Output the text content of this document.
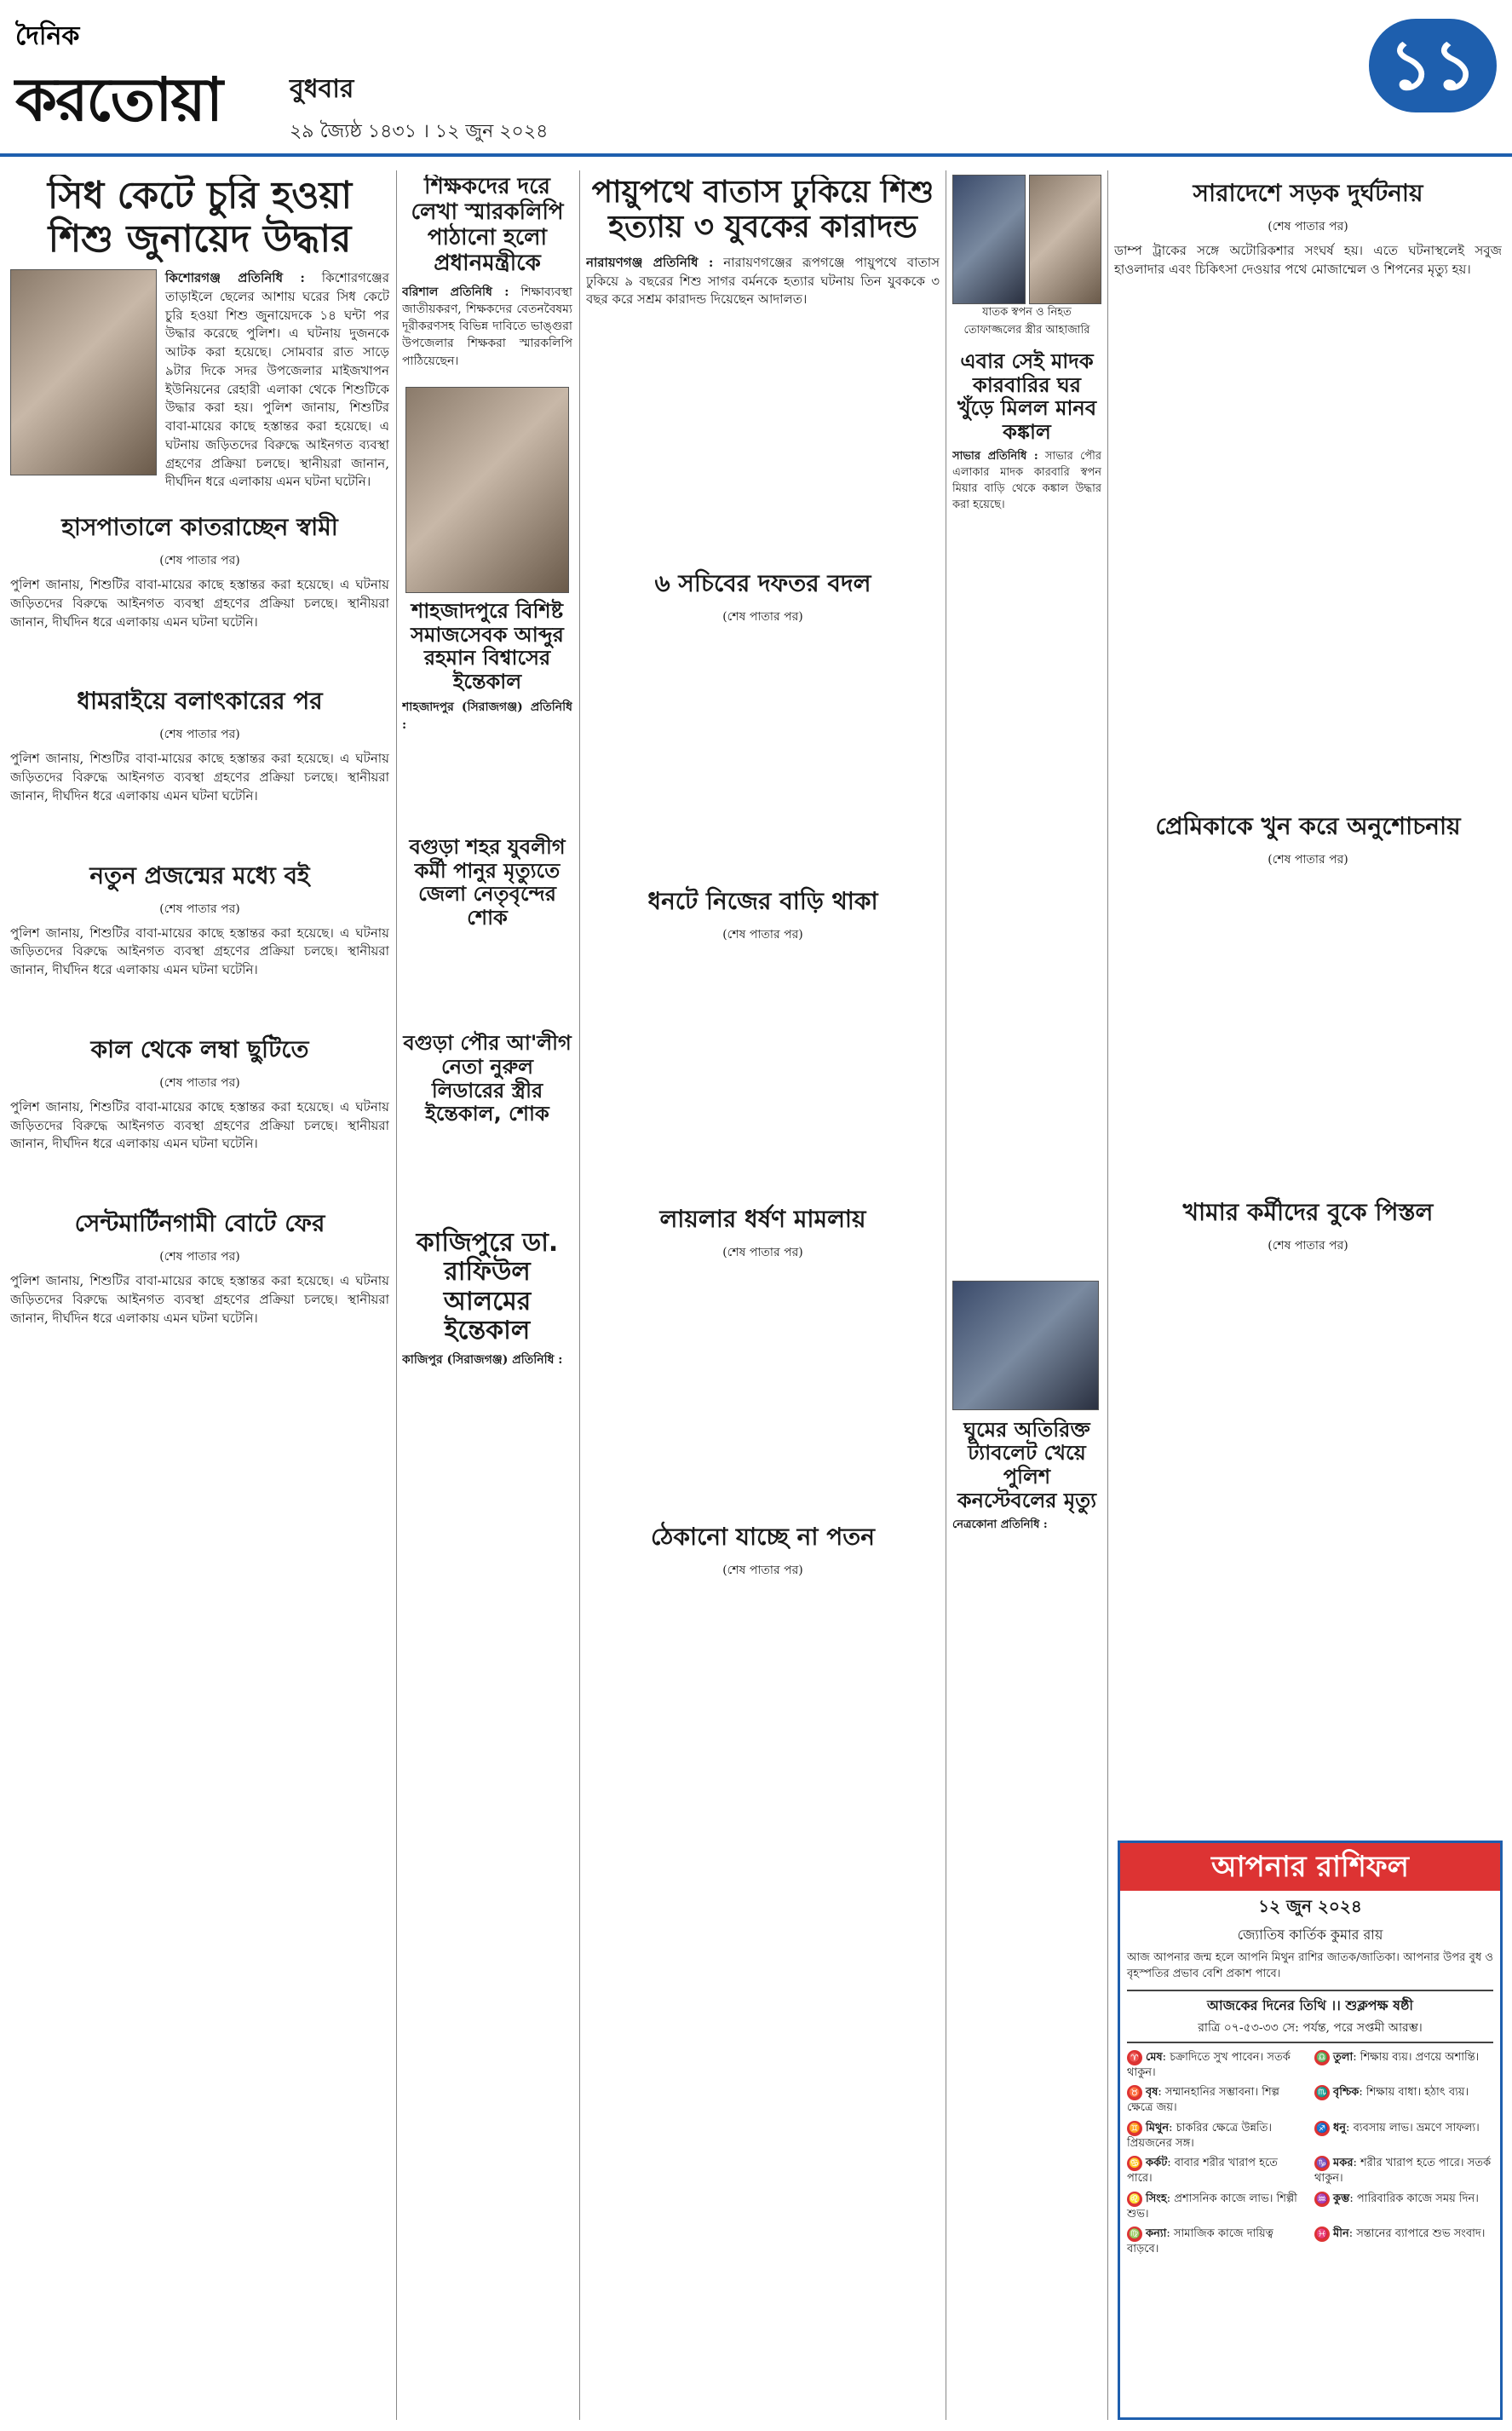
দৈনিক
করতোয়া	বুধবার
২৯ জ্যৈষ্ঠ ১৪৩১ । ১২ জুন ২০২৪
১১
সিধ কেটে চুরি হওয়া শিশু জুনায়েদ উদ্ধার
কিশোরগঞ্জ প্রতিনিধি : কিশোরগঞ্জের তাড়াইলে ছেলের আশায় ঘরের সিধ কেটে চুরি হওয়া শিশু জুনায়েদকে ১৪ ঘন্টা পর উদ্ধার করেছে পুলিশ। এ ঘটনায় দুজনকে আটক করা হয়েছে। সোমবার রাত সাড়ে ৯টার দিকে সদর উপজেলার মাইজখাপন ইউনিয়নের রেহারী এলাকা থেকে শিশুটিকে উদ্ধার করা হয়। পুলিশ জানায়, শিশুটির বাবা-মায়ের কাছে হস্তান্তর করা হয়েছে। এ ঘটনায় জড়িতদের বিরুদ্ধে আইনগত ব্যবস্থা গ্রহণের প্রক্রিয়া চলছে। স্থানীয়রা জানান, দীর্ঘদিন ধরে এলাকায় এমন ঘটনা ঘটেনি।
হাসপাতালে কাতরাচ্ছেন স্বামী
(শেষ পাতার পর)
পুলিশ জানায়, শিশুটির বাবা-মায়ের কাছে হস্তান্তর করা হয়েছে। এ ঘটনায় জড়িতদের বিরুদ্ধে আইনগত ব্যবস্থা গ্রহণের প্রক্রিয়া চলছে। স্থানীয়রা জানান, দীর্ঘদিন ধরে এলাকায় এমন ঘটনা ঘটেনি।
ধামরাইয়ে বলাৎকারের পর
(শেষ পাতার পর)
পুলিশ জানায়, শিশুটির বাবা-মায়ের কাছে হস্তান্তর করা হয়েছে। এ ঘটনায় জড়িতদের বিরুদ্ধে আইনগত ব্যবস্থা গ্রহণের প্রক্রিয়া চলছে। স্থানীয়রা জানান, দীর্ঘদিন ধরে এলাকায় এমন ঘটনা ঘটেনি।
নতুন প্রজন্মের মধ্যে বই
(শেষ পাতার পর)
পুলিশ জানায়, শিশুটির বাবা-মায়ের কাছে হস্তান্তর করা হয়েছে। এ ঘটনায় জড়িতদের বিরুদ্ধে আইনগত ব্যবস্থা গ্রহণের প্রক্রিয়া চলছে। স্থানীয়রা জানান, দীর্ঘদিন ধরে এলাকায় এমন ঘটনা ঘটেনি।
কাল থেকে লম্বা ছুটিতে
(শেষ পাতার পর)
পুলিশ জানায়, শিশুটির বাবা-মায়ের কাছে হস্তান্তর করা হয়েছে। এ ঘটনায় জড়িতদের বিরুদ্ধে আইনগত ব্যবস্থা গ্রহণের প্রক্রিয়া চলছে। স্থানীয়রা জানান, দীর্ঘদিন ধরে এলাকায় এমন ঘটনা ঘটেনি।
সেন্টমার্টিনগামী বোটে ফের
(শেষ পাতার পর)
পুলিশ জানায়, শিশুটির বাবা-মায়ের কাছে হস্তান্তর করা হয়েছে। এ ঘটনায় জড়িতদের বিরুদ্ধে আইনগত ব্যবস্থা গ্রহণের প্রক্রিয়া চলছে। স্থানীয়রা জানান, দীর্ঘদিন ধরে এলাকায় এমন ঘটনা ঘটেনি।
শিক্ষকদের দরে লেখা স্মারকলিপি পাঠানো হলো প্রধানমন্ত্রীকে
বরিশাল প্রতিনিধি : শিক্ষাব্যবস্থা জাতীয়করণ, শিক্ষকদের বেতনবৈষম্য দূরীকরণসহ বিভিন্ন দাবিতে ভাঙ্গুরা উপজেলার শিক্ষকরা স্মারকলিপি পাঠিয়েছেন।
শাহজাদপুরে বিশিষ্ট সমাজসেবক আব্দুর রহমান বিশ্বাসের ইন্তেকাল
শাহজাদপুর (সিরাজগঞ্জ) প্রতিনিধি :
বগুড়া শহর যুবলীগ কর্মী পানুর মৃত্যুতে জেলা নেতৃবৃন্দের শোক
বগুড়া পৌর আ'লীগ নেতা নুরুল লিডারের স্ত্রীর ইন্তেকাল, শোক
কাজিপুরে ডা. রাফিউল আলমের ইন্তেকাল
কাজিপুর (সিরাজগঞ্জ) প্রতিনিধি :
পায়ুপথে বাতাস ঢুকিয়ে শিশু হত্যায় ৩ যুবকের কারাদন্ড
নারায়ণগঞ্জ প্রতিনিধি : নারায়ণগঞ্জের রূপগঞ্জে পায়ুপথে বাতাস ঢুকিয়ে ৯ বছরের শিশু সাগর বর্মনকে হত্যার ঘটনায় তিন যুবককে ৩ বছর করে সশ্রম কারাদন্ড দিয়েছেন আদালত।
৬ সচিবের দফতর বদল
(শেষ পাতার পর)
ধনটে নিজের বাড়ি থাকা
(শেষ পাতার পর)
লায়লার ধর্ষণ মামলায়
(শেষ পাতার পর)
ঠেকানো যাচ্ছে না পতন
(শেষ পাতার পর)
যাতক স্বপন ও নিহত তোফাজ্জলের স্ত্রীর আহাজারি
এবার সেই মাদক কারবারির ঘর খুঁড়ে মিলল মানব কঙ্কাল
সাভার প্রতিনিধি : সাভার পৌর এলাকার মাদক কারবারি স্বপন মিয়ার বাড়ি থেকে কঙ্কাল উদ্ধার করা হয়েছে।
ঘুমের অতিরিক্ত ট্যাবলেট খেয়ে পুলিশ কনস্টেবলের মৃত্যু
নেত্রকোনা প্রতিনিধি :
সারাদেশে সড়ক দুর্ঘটনায়
(শেষ পাতার পর)
ডাম্প ট্রাকের সঙ্গে অটোরিকশার সংঘর্ষ হয়। এতে ঘটনাস্থলেই সবুজ হাওলাদার এবং চিকিৎসা দেওয়ার পথে মোজাম্মেল ও শিপনের মৃত্যু হয়।
প্রেমিকাকে খুন করে অনুশোচনায়
(শেষ পাতার পর)
খামার কর্মীদের বুকে পিস্তল
(শেষ পাতার পর)
আপনার রাশিফল
১২ জুন ২০২৪
জ্যোতিষ কার্তিক কুমার রায়
আজ আপনার জন্ম হলে আপনি মিথুন রাশির জাতক/জাতিকা। আপনার উপর বুধ ও বৃহস্পতির প্রভাব বেশি প্রকাশ পাবে।
আজকের দিনের তিথি ।। শুক্লপক্ষ ষষ্ঠী
রাত্রি ০৭-৫৩-৩৩ সে: পর্যন্ত, পরে সপ্তমী আরম্ভ।
♈ মেষ: চক্রাদিতে সুখ পাবেন। সতর্ক থাকুন।
♎ তুলা: শিক্ষায় ব্যয়। প্রণয়ে অশান্তি।
♉ বৃষ: সম্মানহানির সম্ভাবনা। শিল্প ক্ষেত্রে জয়।
♏ বৃশ্চিক: শিক্ষায় বাধা। হঠাৎ ব্যয়।
♊ মিথুন: চাকরির ক্ষেত্রে উন্নতি। প্রিয়জনের সঙ্গ।
♐ ধনু: ব্যবসায় লাভ। ভ্রমণে সাফল্য।
♋ কর্কট: বাবার শরীর খারাপ হতে পারে।
♑ মকর: শরীর খারাপ হতে পারে। সতর্ক থাকুন।
♌ সিংহ: প্রশাসনিক কাজে লাভ। শিল্পী শুভ।
♒ কুম্ভ: পারিবারিক কাজে সময় দিন।
♍ কন্যা: সামাজিক কাজে দায়িত্ব বাড়বে।
♓ মীন: সন্তানের ব্যাপারে শুভ সংবাদ।
